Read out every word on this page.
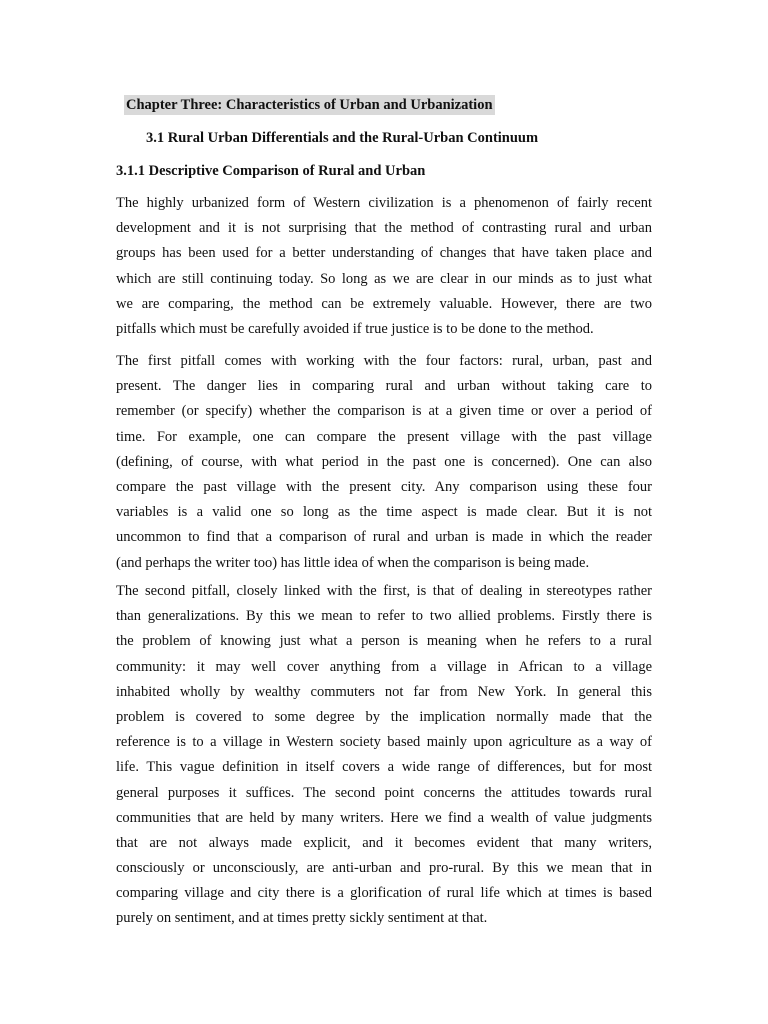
Chapter Three: Characteristics of Urban and Urbanization
3.1 Rural Urban Differentials and the Rural-Urban Continuum
3.1.1 Descriptive Comparison of Rural and Urban
The highly urbanized form of Western civilization is a phenomenon of fairly recent
development and it is not surprising that the method of contrasting rural and urban
groups has been used for a better understanding of changes that have taken place and
which are still continuing today. So long as we are clear in our minds as to just what
we are comparing, the method can be extremely valuable. However, there are two
pitfalls which must be carefully avoided if true justice is to be done to the method.
The first pitfall comes with working with the four factors: rural, urban, past and
present. The danger lies in comparing rural and urban without taking care to
remember (or specify) whether the comparison is at a given time or over a period of
time. For example, one can compare the present village with the past village
(defining, of course, with what period in the past one is concerned). One can also
compare the past village with the present city. Any comparison using these four
variables is a valid one so long as the time aspect is made clear. But it is not
uncommon to find that a comparison of rural and urban is made in which the reader
(and perhaps the writer too) has little idea of when the comparison is being made.
The second pitfall, closely linked with the first, is that of dealing in stereotypes rather
than generalizations. By this we mean to refer to two allied problems. Firstly there is
the problem of knowing just what a person is meaning when he refers to a rural
community: it may well cover anything from a village in African to a village
inhabited wholly by wealthy commuters not far from New York. In general this
problem is covered to some degree by the implication normally made that the
reference is to a village in Western society based mainly upon agriculture as a way of
life. This vague definition in itself covers a wide range of differences, but for most
general purposes it suffices. The second point concerns the attitudes towards rural
communities that are held by many writers. Here we find a wealth of value judgments
that are not always made explicit, and it becomes evident that many writers,
consciously or unconsciously, are anti-urban and pro-rural. By this we mean that in
comparing village and city there is a glorification of rural life which at times is based
purely on sentiment, and at times pretty sickly sentiment at that.
